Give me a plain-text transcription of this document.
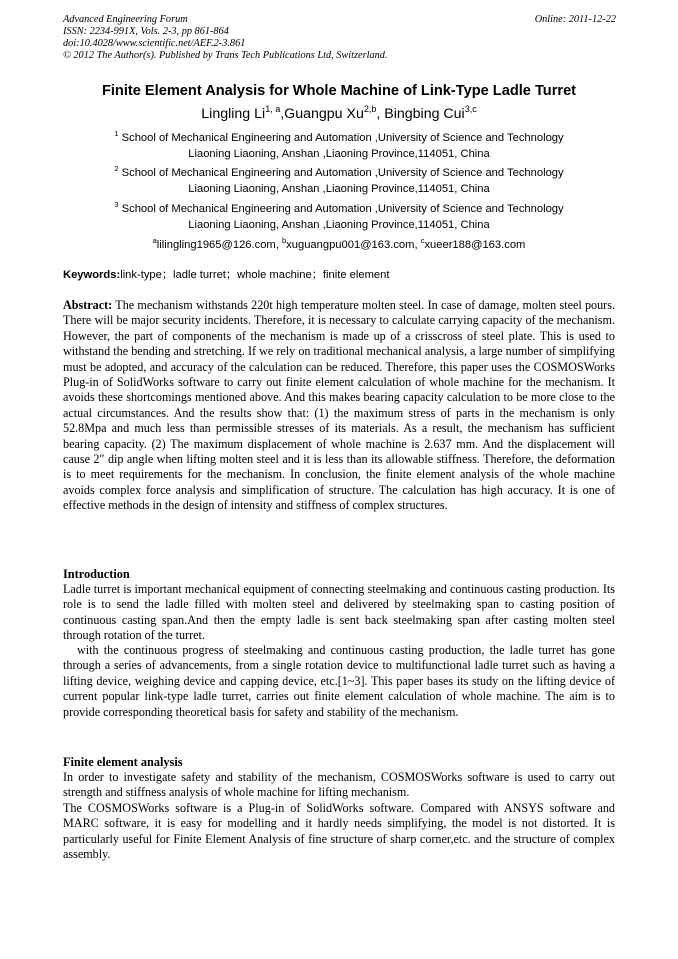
Advanced Engineering Forum	Online: 2011-12-22
ISSN: 2234-991X, Vols. 2-3, pp 861-864
doi:10.4028/www.scientific.net/AEF.2-3.861
© 2012 The Author(s). Published by Trans Tech Publications Ltd, Switzerland.
Finite Element Analysis for Whole Machine of Link-Type Ladle Turret
Lingling Li$^{1, a}$,Guangpu Xu$^{2,b}$, Bingbing Cui$^{3,c}$
$^1$ School of Mechanical Engineering and Automation ,University of Science and Technology
Liaoning Liaoning, Anshan ,Liaoning Province,114051, China
$^2$ School of Mechanical Engineering and Automation ,University of Science and Technology
Liaoning Liaoning, Anshan ,Liaoning Province,114051, China
$^3$ School of Mechanical Engineering and Automation ,University of Science and Technology
Liaoning Liaoning, Anshan ,Liaoning Province,114051, China
$^a$lilingling1965@126.com, $^b$xuguangpu001@163.com, $^c$xueer188@163.com
Keywords:link-type；ladle turret；whole machine；finite element
Abstract: The mechanism withstands 220t high temperature molten steel. In case of damage, molten steel pours. There will be major security incidents. Therefore, it is necessary to calculate carrying capacity of the mechanism. However, the part of components of the mechanism is made up of a crisscross of steel plate. This is used to withstand the bending and stretching. If we rely on traditional mechanical analysis, a large number of simplifying must be adopted, and accuracy of the calculation can be reduced. Therefore, this paper uses the COSMOSWorks Plug-in of SolidWorks software to carry out finite element calculation of whole machine for the mechanism. It avoids these shortcomings mentioned above. And this makes bearing capacity calculation to be more close to the actual circumstances. And the results show that: (1) the maximum stress of parts in the mechanism is only 52.8Mpa and much less than permissible stresses of its materials. As a result, the mechanism has sufficient bearing capacity. (2) The maximum displacement of whole machine is 2.637 mm. And the displacement will cause 2″ dip angle when lifting molten steel and it is less than its allowable stiffness. Therefore, the deformation is to meet requirements for the mechanism. In conclusion, the finite element analysis of the whole machine avoids complex force analysis and simplification of structure. The calculation has high accuracy. It is one of effective methods in the design of intensity and stiffness of complex structures.
Introduction
Ladle turret is important mechanical equipment of connecting steelmaking and continuous casting production. Its role is to send the ladle filled with molten steel and delivered by steelmaking span to casting position of continuous casting span.And then the empty ladle is sent back steelmaking span after casting molten steel through rotation of the turret.
with the continuous progress of steelmaking and continuous casting production, the ladle turret has gone through a series of advancements, from a single rotation device to multifunctional ladle turret such as having a lifting device, weighing device and capping device, etc.[1~3]. This paper bases its study on the lifting device of current popular link-type ladle turret, carries out finite element calculation of whole machine. The aim is to provide corresponding theoretical basis for safety and stability of the mechanism.
Finite element analysis
In order to investigate safety and stability of the mechanism, COSMOSWorks software is used to carry out strength and stiffness analysis of whole machine for lifting mechanism.
The COSMOSWorks software is a Plug-in of SolidWorks software. Compared with ANSYS software and MARC software, it is easy for modelling and it hardly needs simplifying, the model is not distorted. It is particularly useful for Finite Element Analysis of fine structure of sharp corner,etc. and the structure of complex assembly.
